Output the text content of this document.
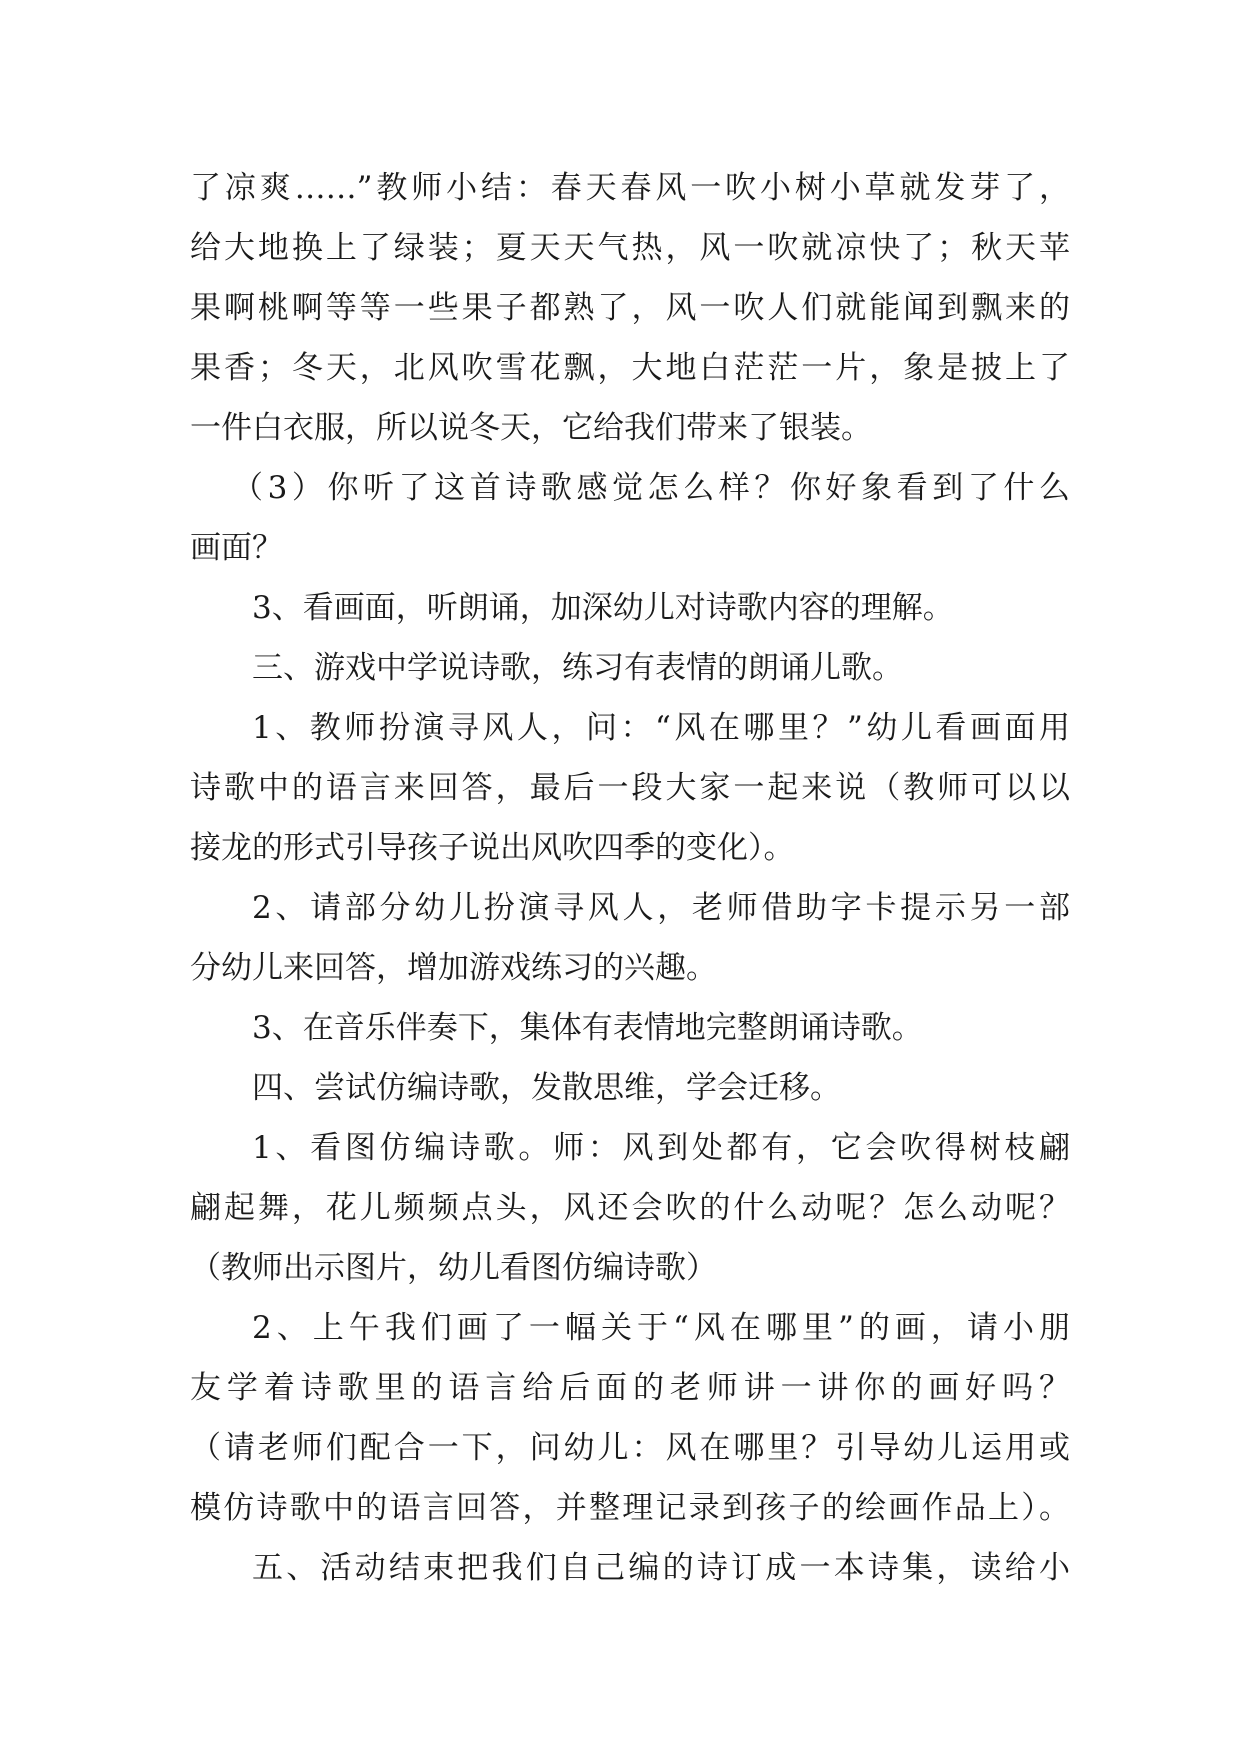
了凉爽……”教师小结：春天春风一吹小树小草就发芽了，
给大地换上了绿装；夏天天气热，风一吹就凉快了；秋天苹
果啊桃啊等等一些果子都熟了，风一吹人们就能闻到飘来的
果香；冬天，北风吹雪花飘，大地白茫茫一片，象是披上了
一件白衣服，所以说冬天，它给我们带来了银装。
（3）你听了这首诗歌感觉怎么样？你好象看到了什么
画面？
3、看画面，听朗诵，加深幼儿对诗歌内容的理解。
三、游戏中学说诗歌，练习有表情的朗诵儿歌。
1、教师扮演寻风人，问：“风在哪里？”幼儿看画面用
诗歌中的语言来回答，最后一段大家一起来说（教师可以以
接龙的形式引导孩子说出风吹四季的变化）。
2、请部分幼儿扮演寻风人，老师借助字卡提示另一部
分幼儿来回答，增加游戏练习的兴趣。
3、在音乐伴奏下，集体有表情地完整朗诵诗歌。
四、尝试仿编诗歌，发散思维，学会迁移。
1、看图仿编诗歌。师：风到处都有，它会吹得树枝翩
翩起舞，花儿频频点头，风还会吹的什么动呢？怎么动呢？
（教师出示图片，幼儿看图仿编诗歌）
2、上午我们画了一幅关于“风在哪里”的画，请小朋
友学着诗歌里的语言给后面的老师讲一讲你的画好吗？
（请老师们配合一下，问幼儿：风在哪里？引导幼儿运用或
模仿诗歌中的语言回答，并整理记录到孩子的绘画作品上）。
五、活动结束把我们自己编的诗订成一本诗集，读给小
